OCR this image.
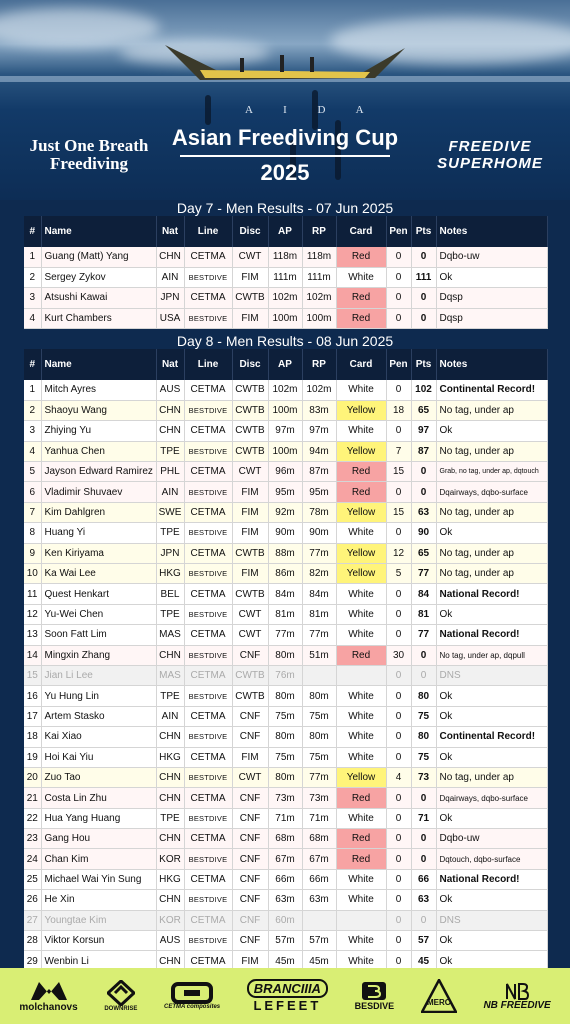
A I D A
Asian Freediving Cup
2025
Just One Breath Freediving
FREEDIVE SUPERHOME
Day 7 - Men Results - 07 Jun 2025
#	Name	Nat	Line	Disc	AP	RP	Card	Pen	Pts	Notes
1	Guang (Matt) Yang	CHN	CETMA	CWT	118m	118m	Red	0	0	Dqbo-uw
2	Sergey Zykov	AIN	BESTDIVE	FIM	111m	111m	White	0	111	Ok
3	Atsushi Kawai	JPN	CETMA	CWTB	102m	102m	Red	0	0	Dqsp
4	Kurt Chambers	USA	BESTDIVE	FIM	100m	100m	Red	0	0	Dqsp
Day 8 - Men Results - 08 Jun 2025
#	Name	Nat	Line	Disc	AP	RP	Card	Pen	Pts	Notes
1	Mitch Ayres	AUS	CETMA	CWTB	102m	102m	White	0	102	Continental Record!
2	Shaoyu Wang	CHN	BESTDIVE	CWTB	100m	83m	Yellow	18	65	No tag, under ap
3	Zhiying Yu	CHN	CETMA	CWTB	97m	97m	White	0	97	Ok
4	Yanhua Chen	TPE	BESTDIVE	CWTB	100m	94m	Yellow	7	87	No tag, under ap
5	Jayson Edward Ramirez	PHL	CETMA	CWT	96m	87m	Red	15	0	Grab, no tag, under ap, dqtouch
6	Vladimir Shuvaev	AIN	BESTDIVE	FIM	95m	95m	Red	0	0	Dqairways, dqbo-surface
7	Kim Dahlgren	SWE	CETMA	FIM	92m	78m	Yellow	15	63	No tag, under ap
8	Huang Yi	TPE	BESTDIVE	FIM	90m	90m	White	0	90	Ok
9	Ken Kiriyama	JPN	CETMA	CWTB	88m	77m	Yellow	12	65	No tag, under ap
10	Ka Wai Lee	HKG	BESTDIVE	FIM	86m	82m	Yellow	5	77	No tag, under ap
11	Quest Henkart	BEL	CETMA	CWTB	84m	84m	White	0	84	National Record!
12	Yu-Wei Chen	TPE	BESTDIVE	CWT	81m	81m	White	0	81	Ok
13	Soon Fatt Lim	MAS	CETMA	CWT	77m	77m	White	0	77	National Record!
14	Mingxin Zhang	CHN	BESTDIVE	CNF	80m	51m	Red	30	0	No tag, under ap, dqpull
15	Jian Li Lee	MAS	CETMA	CWTB	76m			0	0	DNS
16	Yu Hung Lin	TPE	BESTDIVE	CWTB	80m	80m	White	0	80	Ok
17	Artem Stasko	AIN	CETMA	CNF	75m	75m	White	0	75	Ok
18	Kai Xiao	CHN	BESTDIVE	CNF	80m	80m	White	0	80	Continental Record!
19	Hoi Kai Yiu	HKG	CETMA	FIM	75m	75m	White	0	75	Ok
20	Zuo Tao	CHN	BESTDIVE	CWT	80m	77m	Yellow	4	73	No tag, under ap
21	Costa Lin Zhu	CHN	CETMA	CNF	73m	73m	Red	0	0	Dqairways, dqbo-surface
22	Hua Yang Huang	TPE	BESTDIVE	CNF	71m	71m	White	0	71	Ok
23	Gang Hou	CHN	CETMA	CNF	68m	68m	Red	0	0	Dqbo-uw
24	Chan Kim	KOR	BESTDIVE	CNF	67m	67m	Red	0	0	Dqtouch, dqbo-surface
25	Michael Wai Yin Sung	HKG	CETMA	CNF	66m	66m	White	0	66	National Record!
26	He Xin	CHN	BESTDIVE	CNF	63m	63m	White	0	63	Ok
27	Youngtae Kim	KOR	CETMA	CNF	60m			0	0	DNS
28	Viktor Korsun	AUS	BESTDIVE	CNF	57m	57m	White	0	57	Ok
29	Wenbin Li	CHN	CETMA	FIM	45m	45m	White	0	45	Ok
molchanovs	DOWNRISE	CETMA composites
BRANCIIIA
LEFEET	BESDIVE	MERO	NB FREEDIVE
